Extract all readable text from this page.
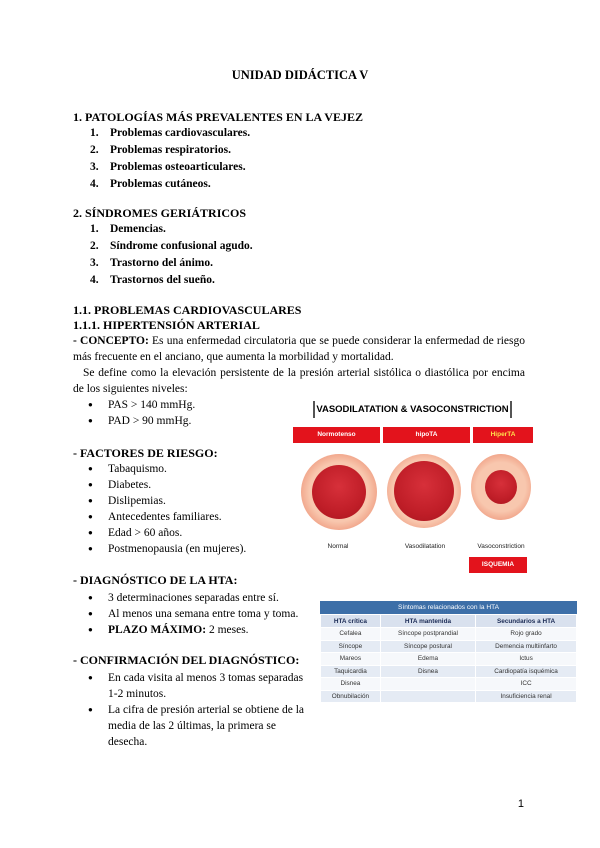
UNIDAD DIDÁCTICA V
1. PATOLOGÍAS MÁS PREVALENTES EN LA VEJEZ
1. Problemas cardiovasculares.
2. Problemas respiratorios.
3. Problemas osteoarticulares.
4. Problemas cutáneos.
2. SÍNDROMES GERIÁTRICOS
1. Demencias.
2. Síndrome confusional agudo.
3. Trastorno del ánimo.
4. Trastornos del sueño.
1.1. PROBLEMAS CARDIOVASCULARES
1.1.1. HIPERTENSIÓN ARTERIAL
- CONCEPTO: Es una enfermedad circulatoria que se puede considerar la enfermedad de riesgo más frecuente en el anciano, que aumenta la morbilidad y mortalidad.
Se define como la elevación persistente de la presión arterial sistólica o diastólica por encima de los siguientes niveles:
● PAS > 140 mmHg.
● PAD > 90 mmHg.
- FACTORES DE RIESGO:
● Tabaquismo.
● Diabetes.
● Dislipemias.
● Antecedentes familiares.
● Edad > 60 años.
● Postmenopausia (en mujeres).
- DIAGNÓSTICO DE LA HTA:
● 3 determinaciones separadas entre sí.
● Al menos una semana entre toma y toma.
● PLAZO MÁXIMO: 2 meses.
- CONFIRMACIÓN DEL DIAGNÓSTICO:
● En cada visita al menos 3 tomas separadas 1-2 minutos.
● La cifra de presión arterial se obtiene de la media de las 2 últimas, la primera se desecha.
VASODILATATION & VASOCONSTRICTION
Normotenso	hipoTA	HiperTA
Normal	Vasodilatation	Vasoconstriction
ISQUEMIA
Síntomas relacionados con la HTA
HTA crítica	HTA mantenida	Secundarios a HTA
Cefalea	Síncope postprandial	Rojo grado
Síncope	Síncope postural	Demencia multiinfarto
Mareos	Edema	Ictus
Taquicardia	Disnea	Cardiopatía isquémica
Disnea		ICC
Obnubilación		Insuficiencia renal
1
